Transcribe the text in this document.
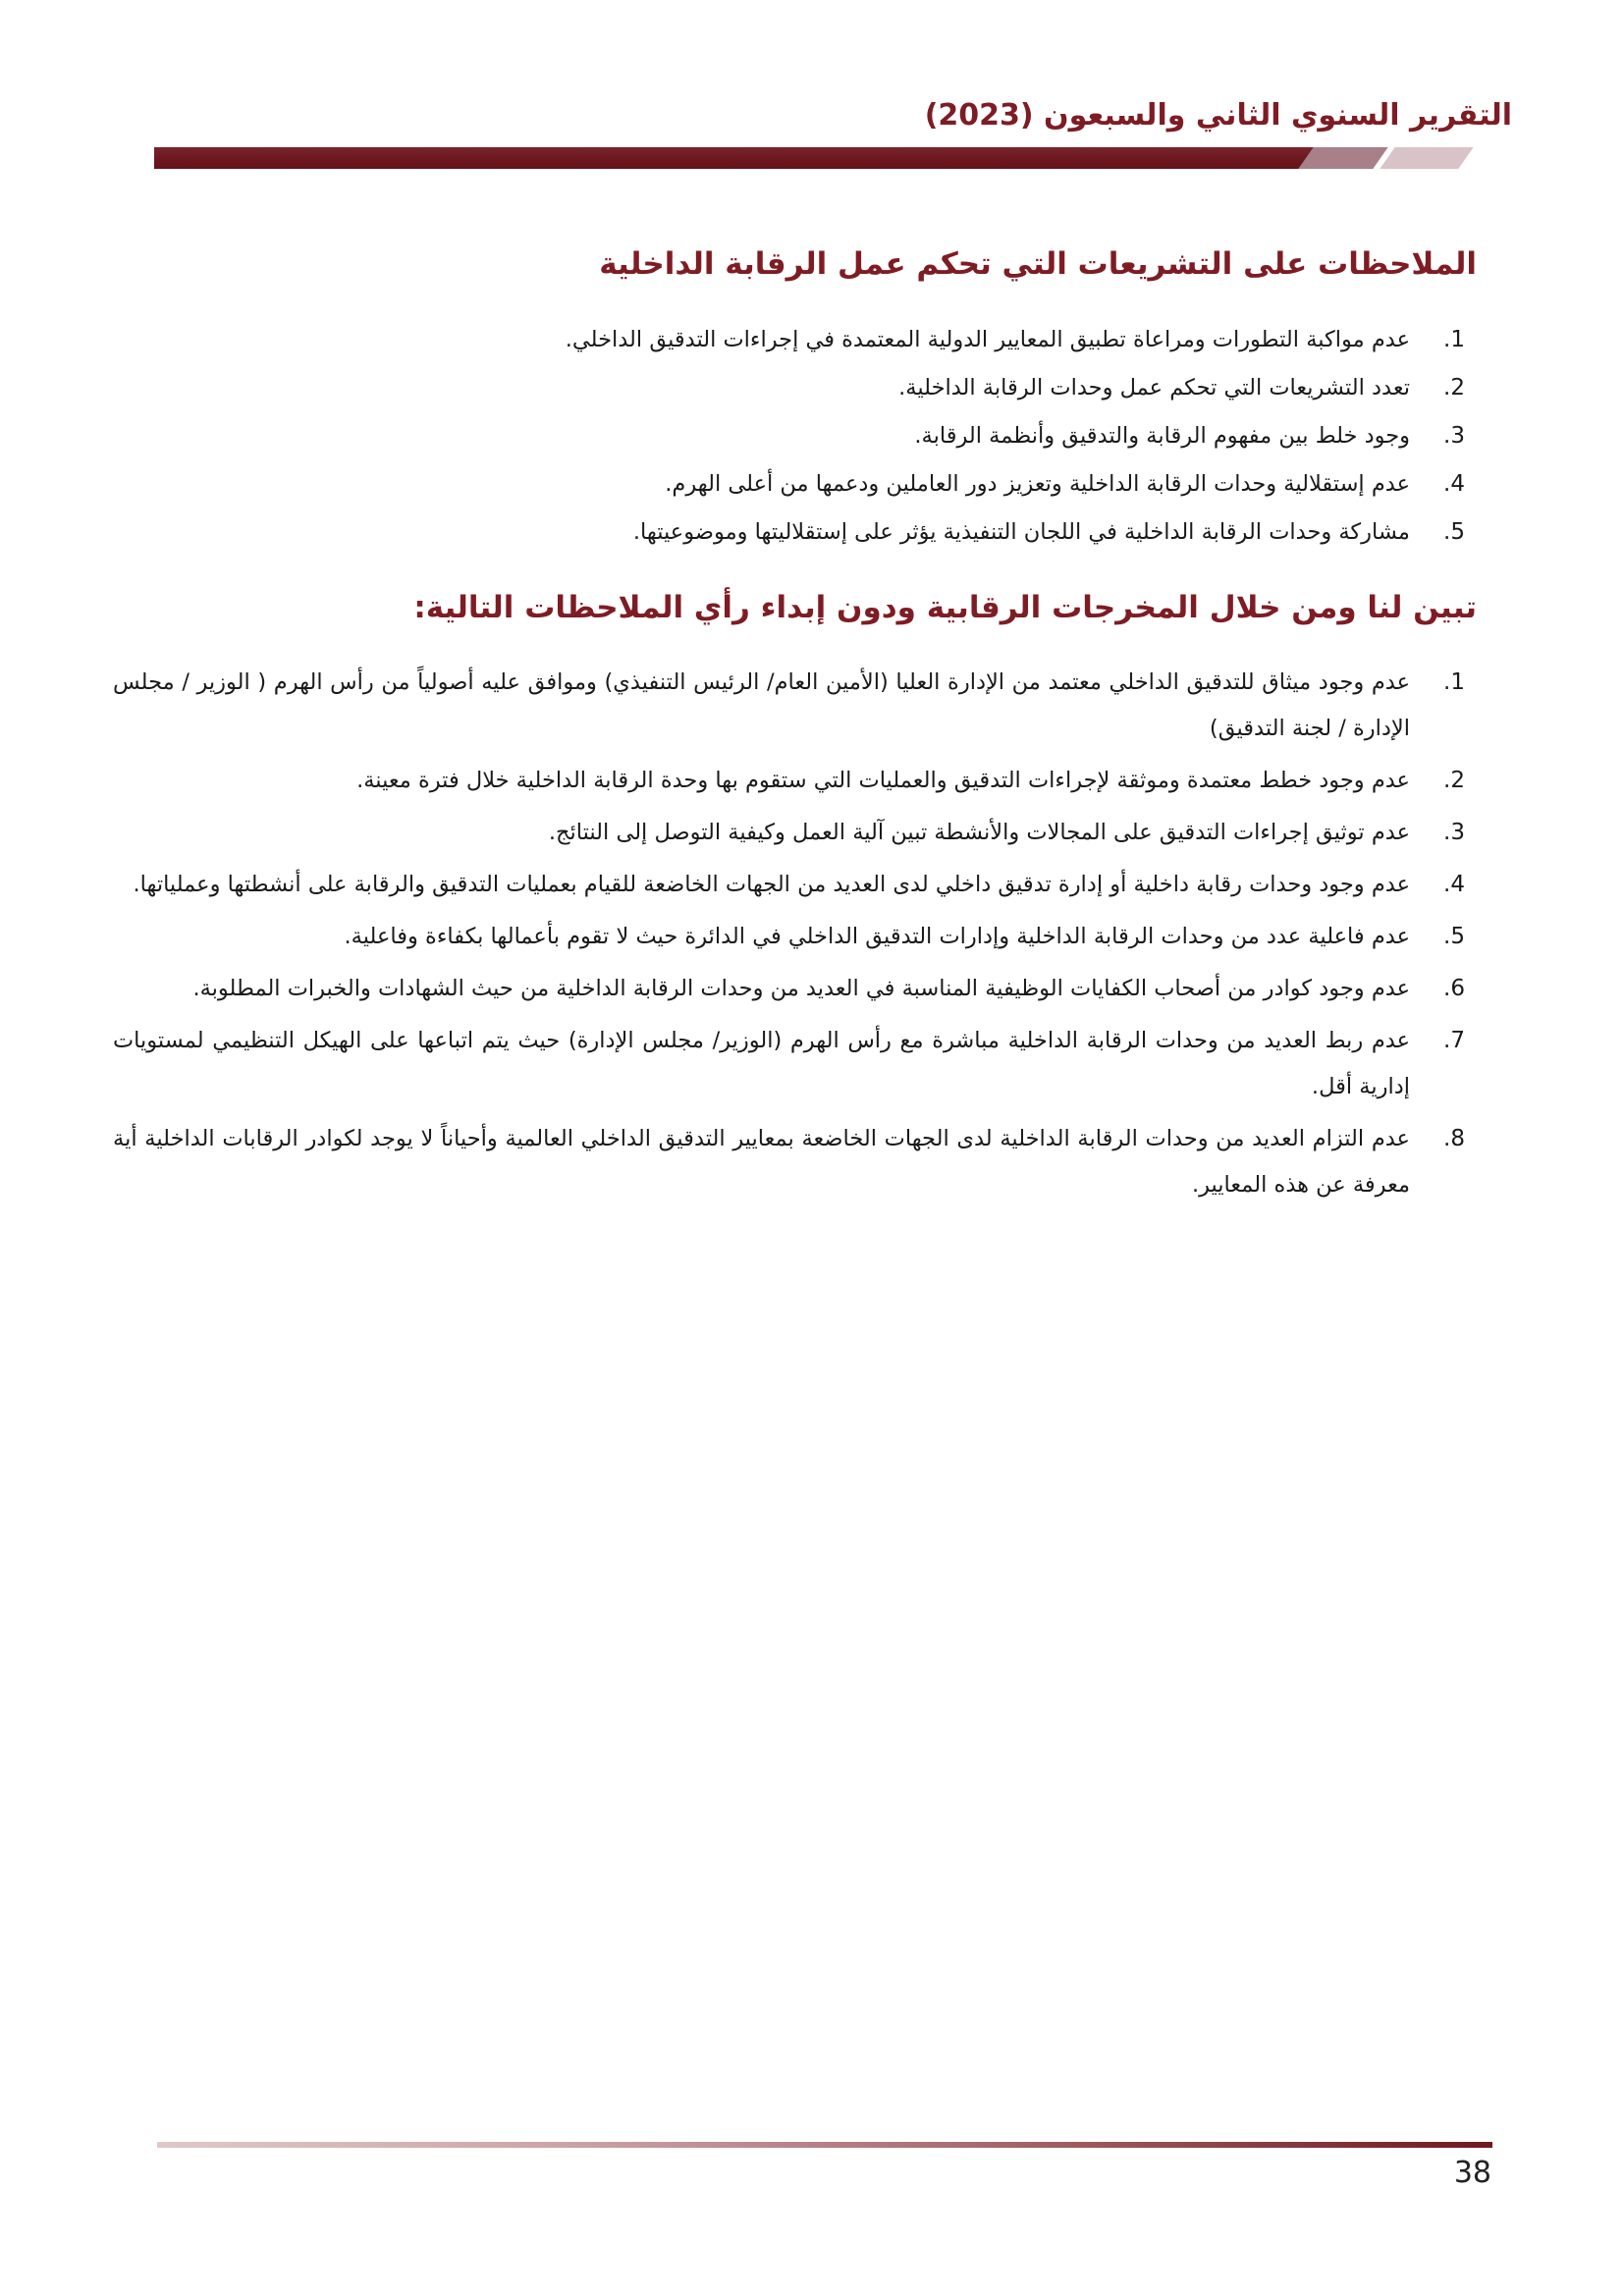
التقرير السنوي الثاني والسبعون (2023)
الملاحظات على التشريعات التي تحكم عمل الرقابة الداخلية
عدم مواكبة التطورات ومراعاة تطبيق المعايير الدولية المعتمدة في إجراءات التدقيق الداخلي.
تعدد التشريعات التي تحكم عمل وحدات الرقابة الداخلية.
وجود خلط بين مفهوم الرقابة والتدقيق وأنظمة الرقابة.
عدم إستقلالية وحدات الرقابة الداخلية وتعزيز دور العاملين ودعمها من أعلى الهرم.
مشاركة وحدات الرقابة الداخلية في اللجان التنفيذية يؤثر على إستقلاليتها وموضوعيتها.
تبين لنا ومن خلال المخرجات الرقابية ودون إبداء رأي الملاحظات التالية:
عدم وجود ميثاق للتدقيق الداخلي معتمد من الإدارة العليا (الأمين العام/ الرئيس التنفيذي) وموافق عليه أصولياً من رأس الهرم ( الوزير / مجلس الإدارة / لجنة التدقيق)
عدم وجود خطط معتمدة وموثقة لإجراءات التدقيق والعمليات التي ستقوم بها وحدة الرقابة الداخلية خلال فترة معينة.
عدم توثيق إجراءات التدقيق على المجالات والأنشطة تبين آلية العمل وكيفية التوصل إلى النتائج.
عدم وجود وحدات رقابة داخلية أو إدارة تدقيق داخلي لدى العديد من الجهات الخاضعة للقيام بعمليات التدقيق والرقابة على أنشطتها وعملياتها.
عدم فاعلية عدد من وحدات الرقابة الداخلية وإدارات التدقيق الداخلي في الدائرة حيث لا تقوم بأعمالها بكفاءة وفاعلية.
عدم وجود كوادر من أصحاب الكفايات الوظيفية المناسبة في العديد من وحدات الرقابة الداخلية من حيث الشهادات والخبرات المطلوبة.
عدم ربط العديد من وحدات الرقابة الداخلية مباشرة مع رأس الهرم (الوزير/ مجلس الإدارة) حيث يتم اتباعها على الهيكل التنظيمي لمستويات إدارية أقل.
عدم التزام العديد من وحدات الرقابة الداخلية لدى الجهات الخاضعة بمعايير التدقيق الداخلي العالمية وأحياناً لا يوجد لكوادر الرقابات الداخلية أية معرفة عن هذه المعايير.
38
